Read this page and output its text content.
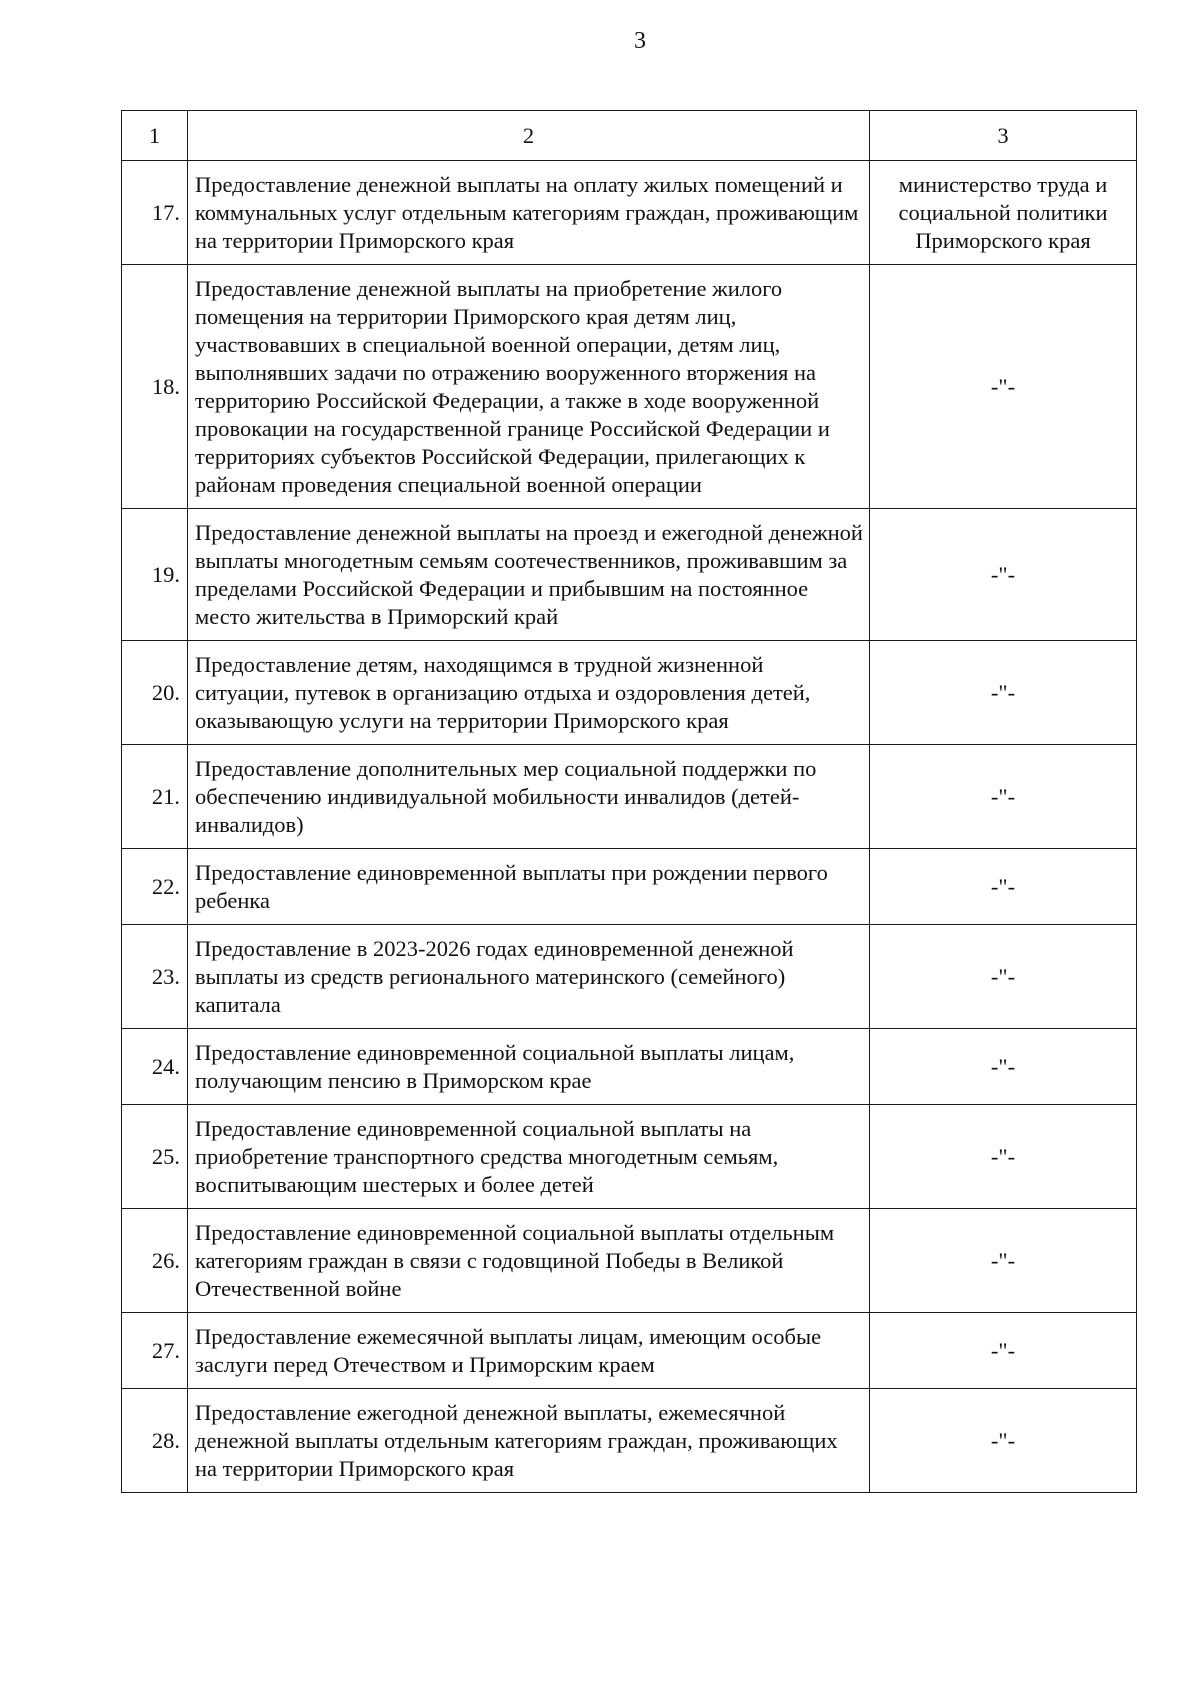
3
1	2	3
17.	Предоставление денежной выплаты на оплату жилых помещений и коммунальных услуг отдельным категориям граждан, проживающим на территории Приморского края	министерство труда и социальной политики Приморского края
18.	Предоставление денежной выплаты на приобретение жилого помещения на территории Приморского края детям лиц, участвовавших в специальной военной операции, детям лиц, выполнявших задачи по отражению вооруженного вторжения на территорию Российской Федерации, а также в ходе вооруженной провокации на государственной границе Российской Федерации и территориях субъектов Российской Федерации, прилегающих к районам проведения специальной военной операции	-"-
19.	Предоставление денежной выплаты на проезд и ежегодной денежной выплаты многодетным семьям соотечественников, проживавшим за пределами Российской Федерации и прибывшим на постоянное место жительства в Приморский край	-"-
20.	Предоставление детям, находящимся в трудной жизненной ситуации, путевок в организацию отдыха и оздоровления детей, оказывающую услуги на территории Приморского края	-"-
21.	Предоставление дополнительных мер социальной поддержки по обеспечению индивидуальной мобильности инвалидов (детей-инвалидов)	-"-
22.	Предоставление единовременной выплаты при рождении первого ребенка	-"-
23.	Предоставление в 2023-2026 годах единовременной денежной выплаты из средств регионального материнского (семейного) капитала	-"-
24.	Предоставление единовременной социальной выплаты лицам, получающим пенсию в Приморском крае	-"-
25.	Предоставление единовременной социальной выплаты на приобретение транспортного средства многодетным семьям, воспитывающим шестерых и более детей	-"-
26.	Предоставление единовременной социальной выплаты отдельным категориям граждан в связи с годовщиной Победы в Великой Отечественной войне	-"-
27.	Предоставление ежемесячной выплаты лицам, имеющим особые заслуги перед Отечеством и Приморским краем	-"-
28.	Предоставление ежегодной денежной выплаты, ежемесячной денежной выплаты отдельным категориям граждан, проживающих на территории Приморского края	-"-
